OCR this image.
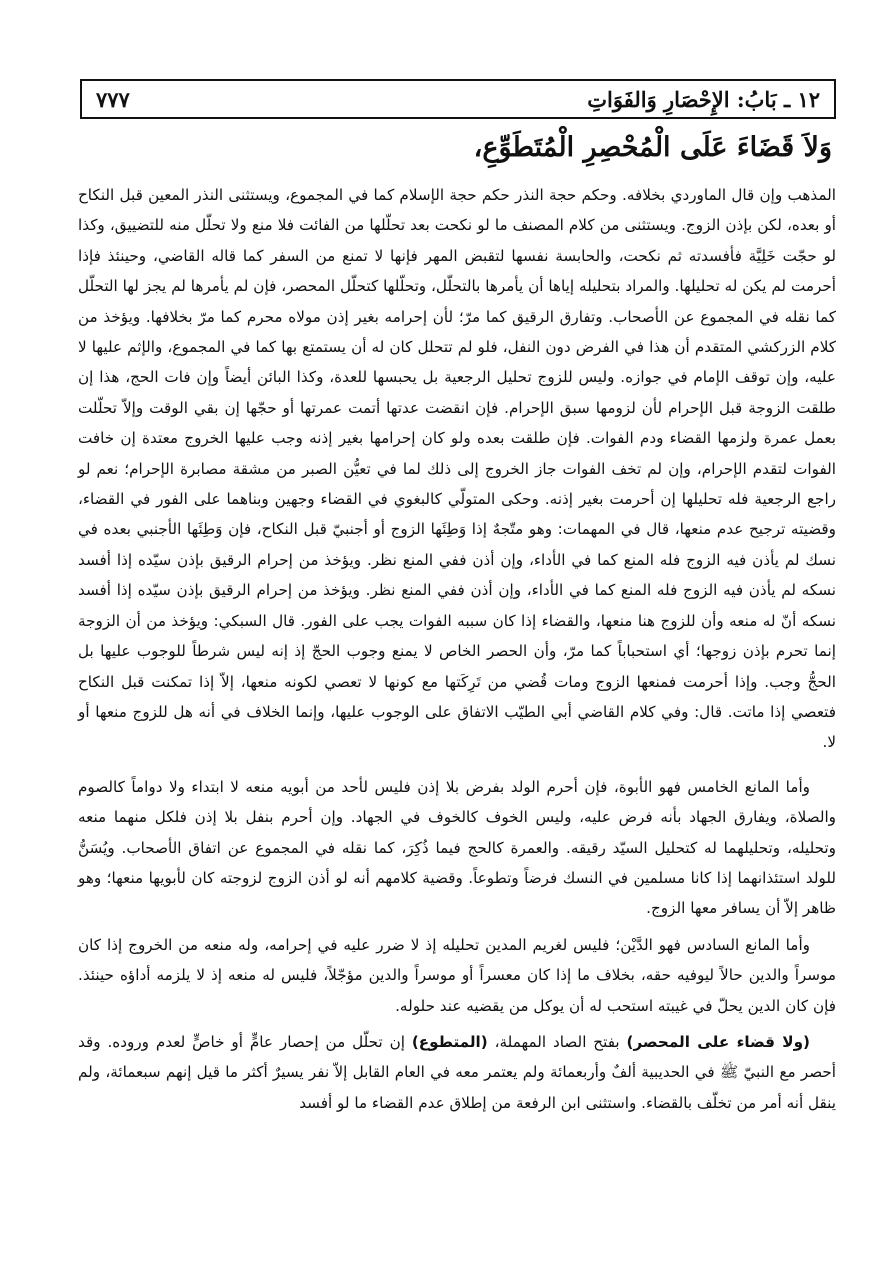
١٢ ـ بَابُ: الإِحْصَارِ وَالفَوَاتِ
٧٧٧
وَلاَ قَضَاءَ عَلَى الْمُحْصِرِ الْمُتَطَوِّعِ،

المذهب وإن قال الماوردي بخلافه. وحكم حجة النذر حكم حجة الإسلام كما في المجموع، ويستثنى النذر المعين قبل النكاح أو بعده، لكن بإذن الزوج. ويستثنى من كلام المصنف ما لو نكحت بعد تحلّلها من الفائت فلا منع ولا تحلّل منه للتضييق، وكذا لو حجّت خَلِيَّة فأفسدته ثم نكحت، والحابسة نفسها لتقبض المهر فإنها لا تمنع من السفر كما قاله القاضي، وحينئذ فإذا أحرمت لم يكن له تحليلها. والمراد بتحليله إياها أن يأمرها بالتحلّل، وتحلّلها كتحلّل المحصر، فإن لم يأمرها لم يجز لها التحلّل كما نقله في المجموع عن الأصحاب. وتفارق الرقيق كما مرّ؛ لأن إحرامه بغير إذن مولاه محرم كما مرّ بخلافها. ويؤخذ من كلام الزركشي المتقدم أن هذا في الفرض دون النفل، فلو لم تتحلل كان له أن يستمتع بها كما في المجموع، والإثم عليها لا عليه، وإن توقف الإمام في جوازه. وليس للزوج تحليل الرجعية بل يحبسها للعدة، وكذا البائن أيضاً وإن فات الحج، هذا إن طلقت الزوجة قبل الإحرام لأن لزومها سبق الإحرام. فإن انقضت عدتها أتمت عمرتها أو حجّها إن بقي الوقت وإلاّ تحلّلت بعمل عمرة ولزمها القضاء ودم الفوات. فإن طلقت بعده ولو كان إحرامها بغير إذنه وجب عليها الخروج معتدة إن خافت الفوات لتقدم الإحرام، وإن لم تخف الفوات جاز الخروج إلى ذلك لما في تعيُّن الصبر من مشقة مصابرة الإحرام؛ نعم لو راجع الرجعية فله تحليلها إن أحرمت بغير إذنه. وحكى المتولّي كالبغوي في القضاء وجهين وبناهما على الفور في القضاء، وقضيته ترجيح عدم منعها، قال في المهمات: وهو متّجهٌ إذا وَطِئَها الزوج أو أجنبيّ قبل النكاح، فإن وَطِئَها الأجنبي بعده في نسك لم يأذن فيه الزوج فله المنع كما في الأداء، وإن أذن ففي المنع نظر. ويؤخذ من إحرام الرقيق بإذن سيّده إذا أفسد نسكه لم يأذن فيه الزوج فله المنع كما في الأداء، وإن أذن ففي المنع نظر. ويؤخذ من إحرام الرقيق بإذن سيّده إذا أفسد نسكه أنّ له منعه وأن للزوج هنا منعها، والقضاء إذا كان سببه الفوات يجب على الفور. قال السبكي: ويؤخذ من أن الزوجة إنما تحرم بإذن زوجها؛ أي استحباباً كما مرّ، وأن الحصر الخاص لا يمنع وجوب الحجّ إذ إنه ليس شرطاً للوجوب عليها بل الحجُّ وجب. وإذا أحرمت فمنعها الزوج ومات قُضي من تَرِكَتها مع كونها لا تعصي لكونه منعها، إلاّ إذا تمكنت قبل النكاح فتعصي إذا ماتت. قال: وفي كلام القاضي أبي الطيّب الاتفاق على الوجوب عليها، وإنما الخلاف في أنه هل للزوج منعها أو لا.

وأما المانع الخامس فهو الأبوة، فإن أحرم الولد بفرض بلا إذن فليس لأحد من أبويه منعه لا ابتداء ولا دواماً كالصوم والصلاة، ويفارق الجهاد بأنه فرض عليه، وليس الخوف كالخوف في الجهاد. وإن أحرم بنفل بلا إذن فلكل منهما منعه وتحليله، وتحليلهما له كتحليل السيّد رقيقه. والعمرة كالحج فيما ذُكِرَ، كما نقله في المجموع عن اتفاق الأصحاب. ويُسَنُّ للولد استئذانهما إذا كانا مسلمين في النسك فرضاً وتطوعاً. وقضية كلامهم أنه لو أذن الزوج لزوجته كان لأبويها منعها؛ وهو ظاهر إلاّ أن يسافر معها الزوج.

وأما المانع السادس فهو الدَّيْن؛ فليس لغريم المدين تحليله إذ لا ضرر عليه في إحرامه، وله منعه من الخروج إذا كان موسراً والدين حالاً ليوفيه حقه، بخلاف ما إذا كان معسراً أو موسراً والدين مؤجّلاً، فليس له منعه إذ لا يلزمه أداؤه حينئذ. فإن كان الدين يحلّ في غيبته استحب له أن يوكل من يقضيه عند حلوله.

(ولا قضاء على المحصر) بفتح الصاد المهملة، (المتطوع) إن تحلّل من إحصار عامٍّ أو خاصٍّ لعدم وروده. وقد أحصر مع النبيّ ﷺ في الحديبية ألفٌ وأربعمائة ولم يعتمر معه في العام القابل إلاّ نفر يسيرٌ أكثر ما قيل إنهم سبعمائة، ولم ينقل أنه أمر من تخلّف بالقضاء. واستثنى ابن الرفعة من إطلاق عدم القضاء ما لو أفسد
